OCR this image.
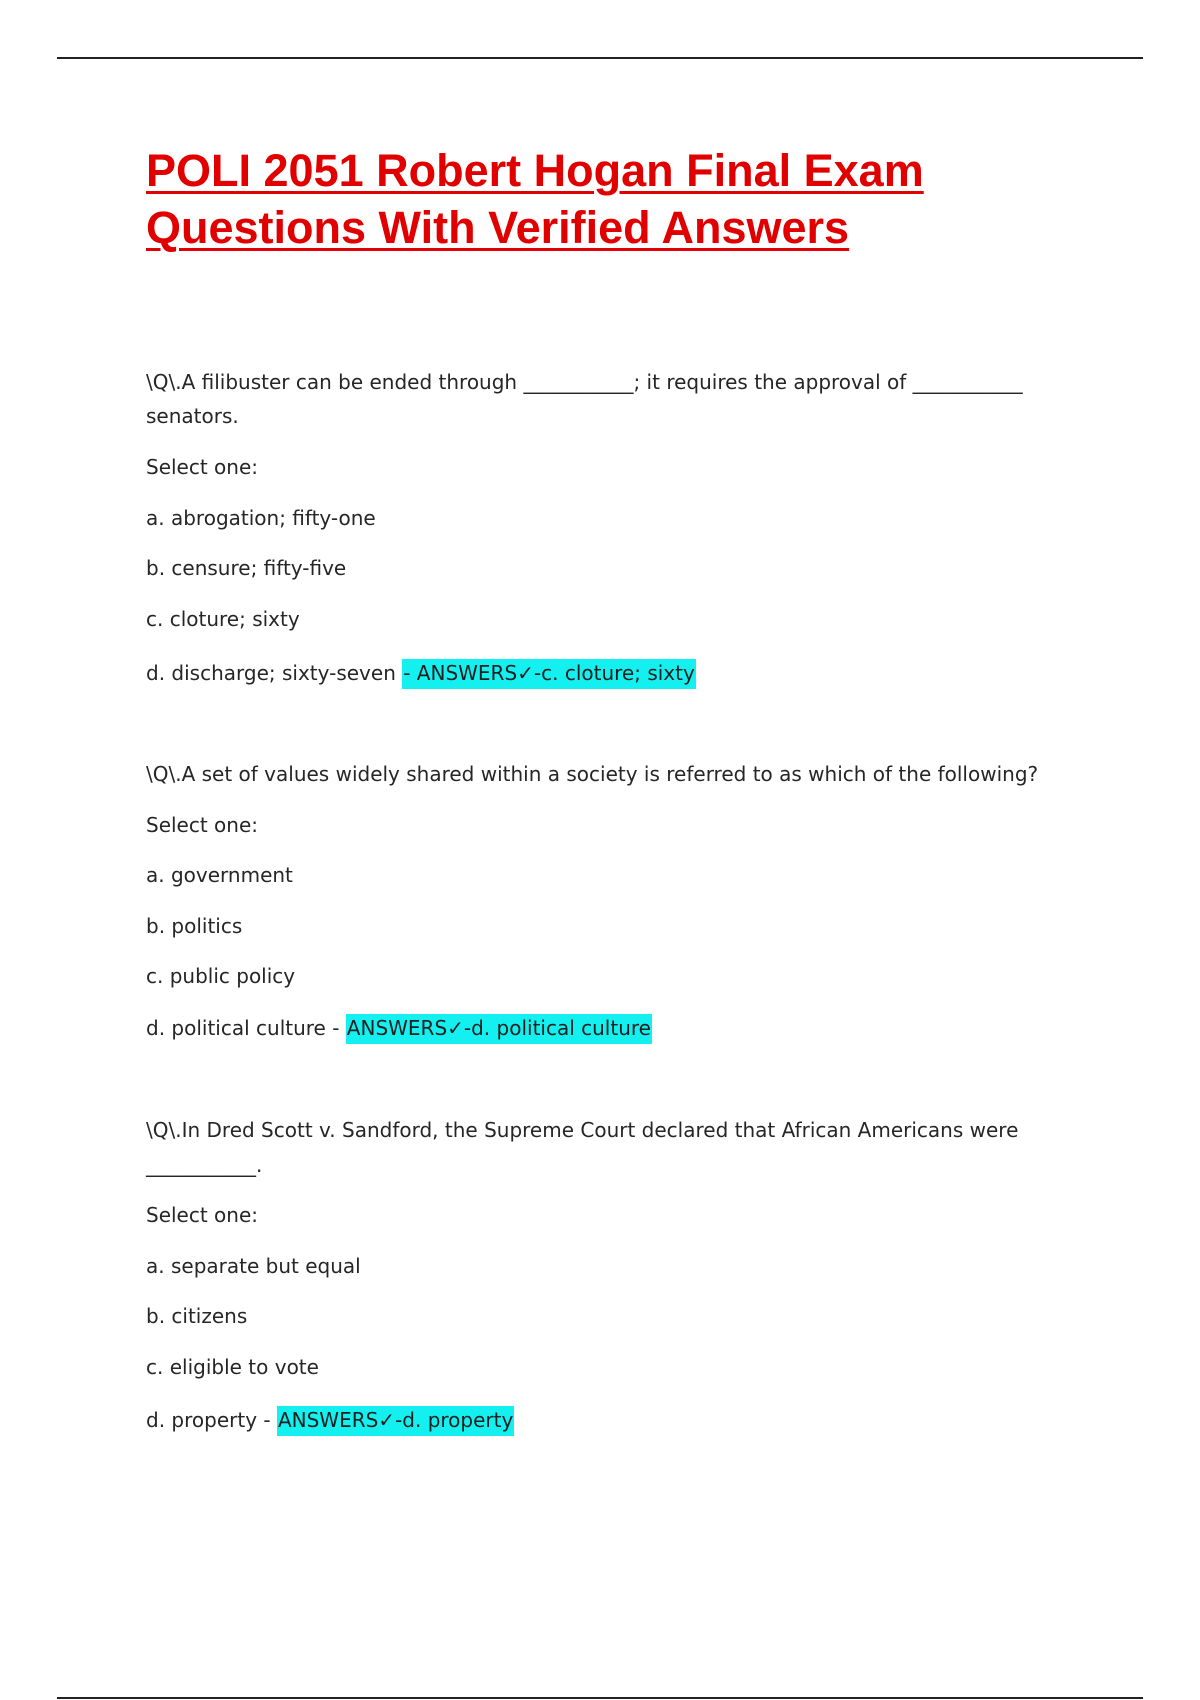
POLI 2051 Robert Hogan Final Exam
Questions With Verified Answers
\Q\.A filibuster can be ended through ___________; it requires the approval of ___________
senators.
Select one:
a. abrogation; fifty-one
b. censure; fifty-five
c. cloture; sixty
d. discharge; sixty-seven - ANSWERS✓-c. cloture; sixty
\Q\.A set of values widely shared within a society is referred to as which of the following?
Select one:
a. government
b. politics
c. public policy
d. political culture - ANSWERS✓-d. political culture
\Q\.In Dred Scott v. Sandford, the Supreme Court declared that African Americans were
___________.
Select one:
a. separate but equal
b. citizens
c. eligible to vote
d. property - ANSWERS✓-d. property
